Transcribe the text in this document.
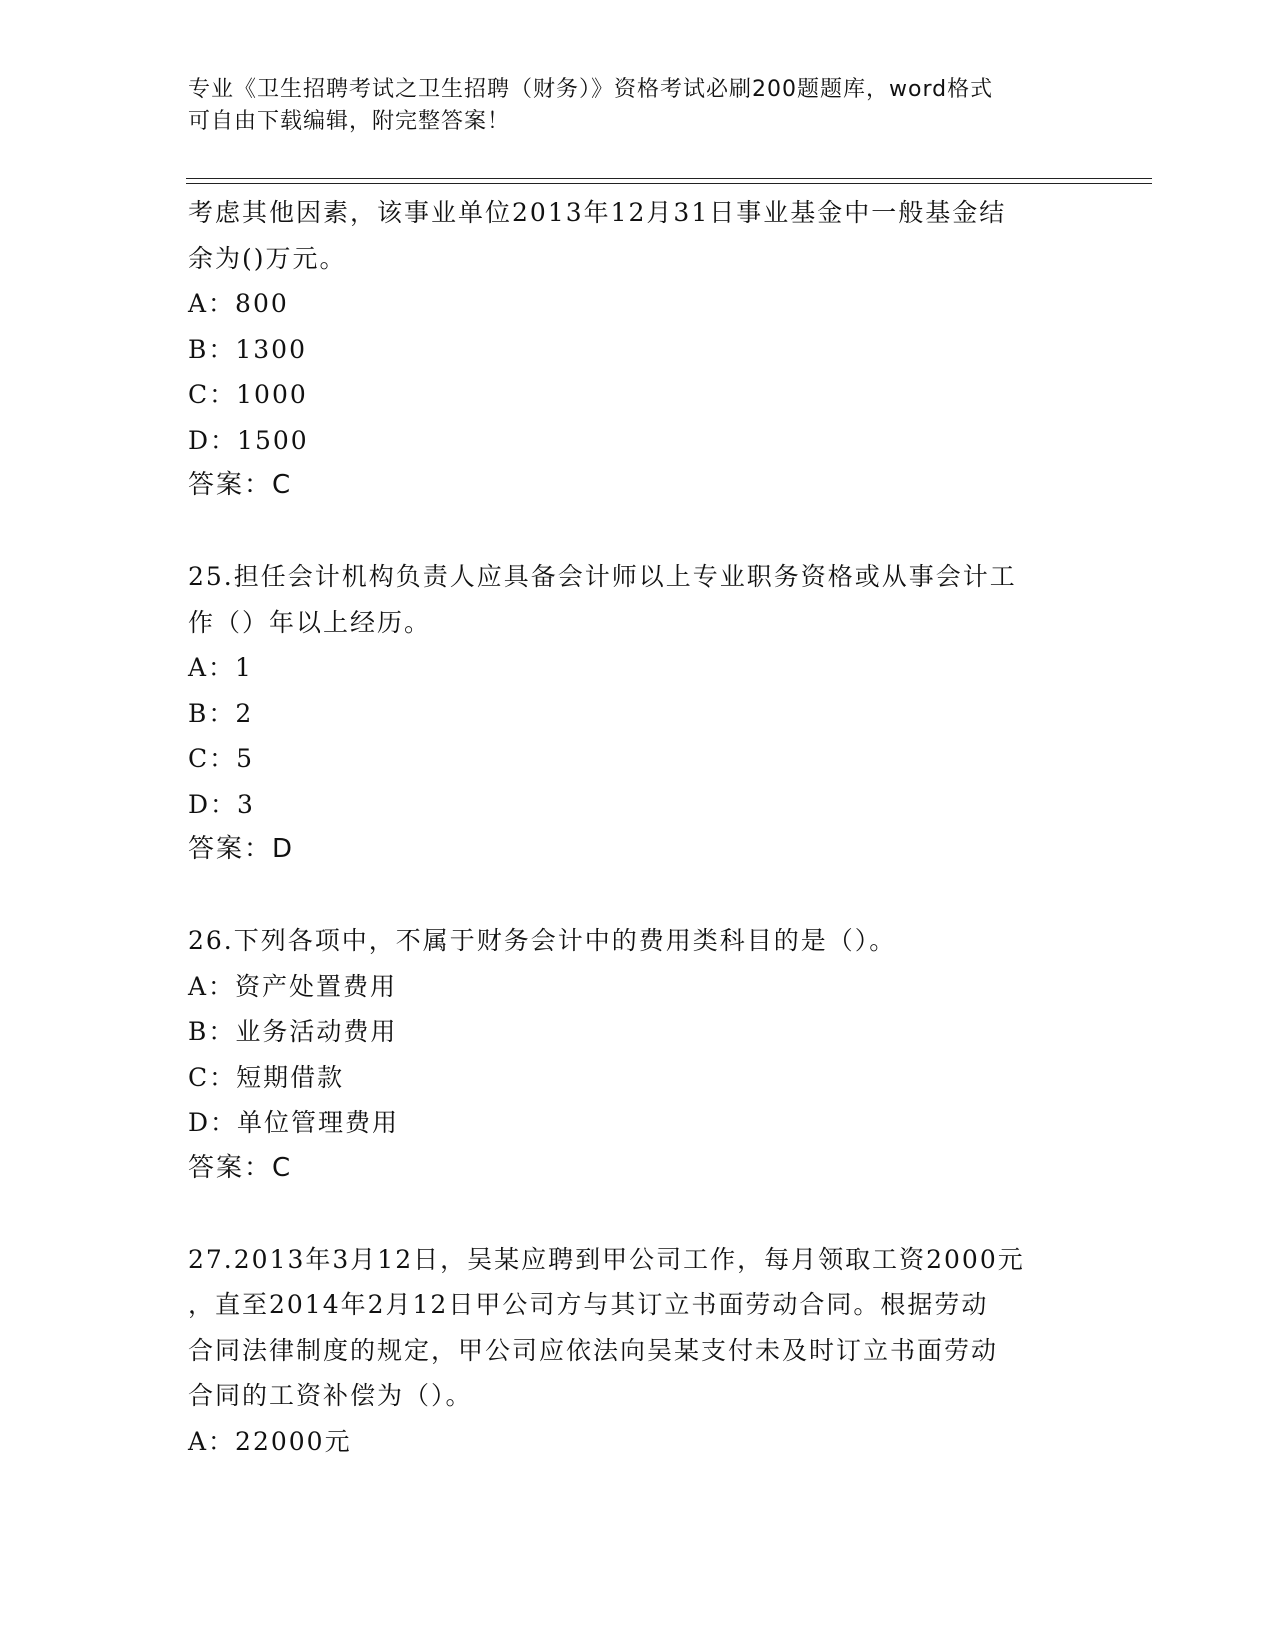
专业《卫生招聘考试之卫生招聘（财务）》资格考试必刷200题题库，word格式
可自由下载编辑，附完整答案！
考虑其他因素，该事业单位2013年12月31日事业基金中一般基金结
余为()万元。
A：800
B：1300
C：1000
D：1500
答案：C
25.担任会计机构负责人应具备会计师以上专业职务资格或从事会计工
作（）年以上经历。
A：1
B：2
C：5
D：3
答案：D
26.下列各项中，不属于财务会计中的费用类科目的是（）。
A：资产处置费用
B：业务活动费用
C：短期借款
D：单位管理费用
答案：C
27.2013年3月12日，吴某应聘到甲公司工作，每月领取工资2000元
，直至2014年2月12日甲公司方与其订立书面劳动合同。根据劳动
合同法律制度的规定，甲公司应依法向吴某支付未及时订立书面劳动
合同的工资补偿为（）。
A：22000元
